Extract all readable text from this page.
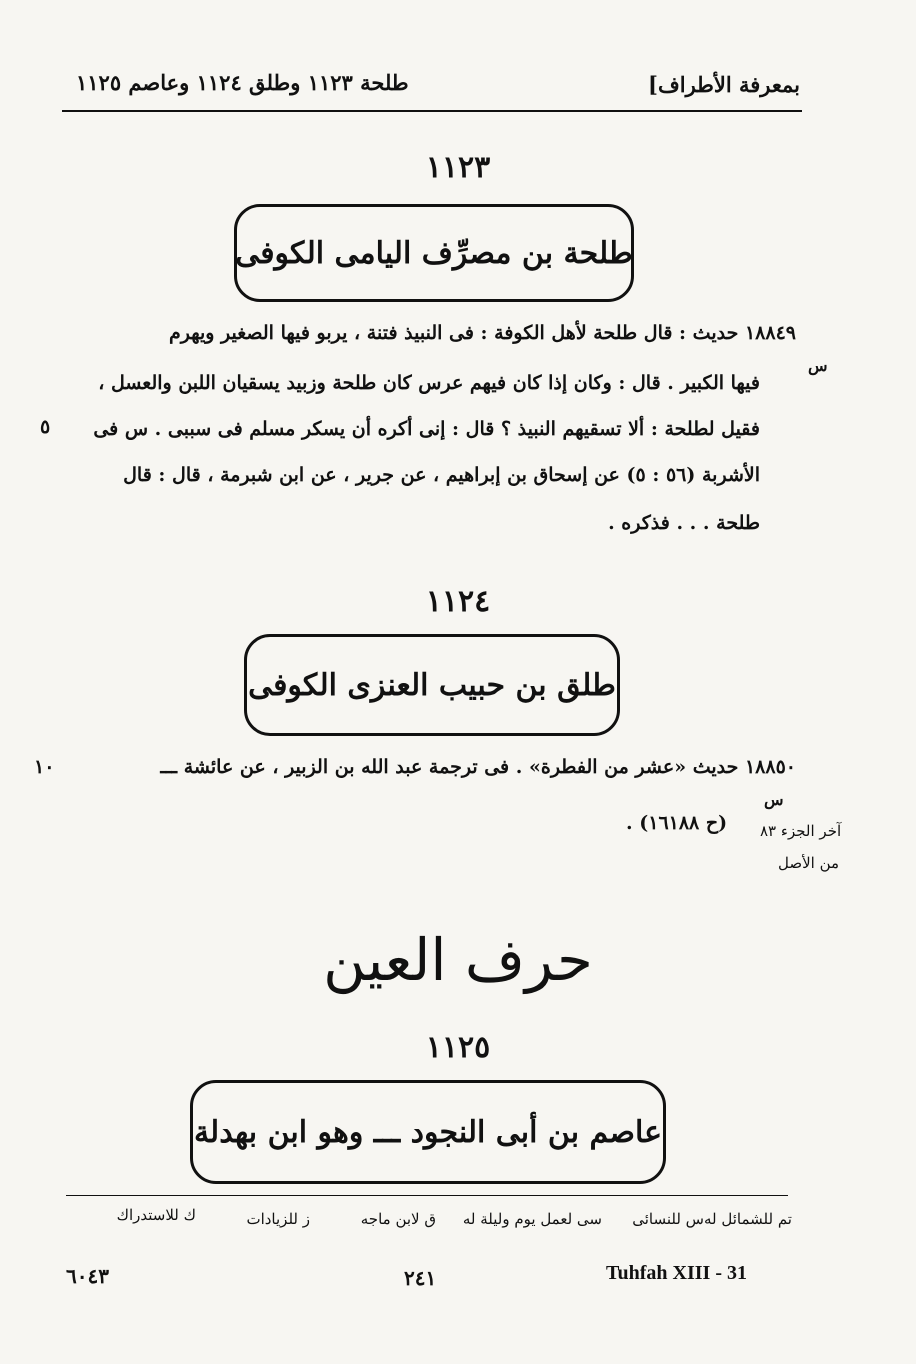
بمعرفة الأطراف]
طلحة ١١٢٣ وطلق ١١٢٤ وعاصم ١١٢٥
١١٢٣
طلحة بن مصرِّف اليامى الكوفى
١٨٨٤٩ حديث : قال طلحة لأهل الكوفة : فى النبيذ فتنة ، يربو فيها الصغير ويهرم
س
فيها الكبير . قال : وكان إذا كان فيهم عرس كان طلحة وزبيد يسقيان اللبن والعسل ،
فقيل لطلحة : ألا تسقيهم النبيذ ؟ قال : إنى أكره أن يسكر مسلم فى سببى . س فى
٥
الأشربة (٥٦ : ٥) عن إسحاق بن إبراهيم ، عن جرير ، عن ابن شبرمة ، قال : قال
طلحة . . . فذكره .
١١٢٤
طلق بن حبيب العنزى الكوفى
١٨٨٥٠ حديث «عشر من الفطرة» . فى ترجمة عبد الله بن الزبير ، عن عائشة ـــ
١٠
س
(ح ١٦١٨٨) . آخر الجزء ٨٣
من الأصل
حرف العين
١١٢٥
عاصم بن أبى النجود ـــ وهو ابن بهدلة
تم للشمائل له
س للنسائى
سى لعمل يوم وليلة له
ق لابن ماجه
ز للزيادات
ك للاستدراك
٦٠٤٣	٢٤١	Tuhfah XIII - 31
